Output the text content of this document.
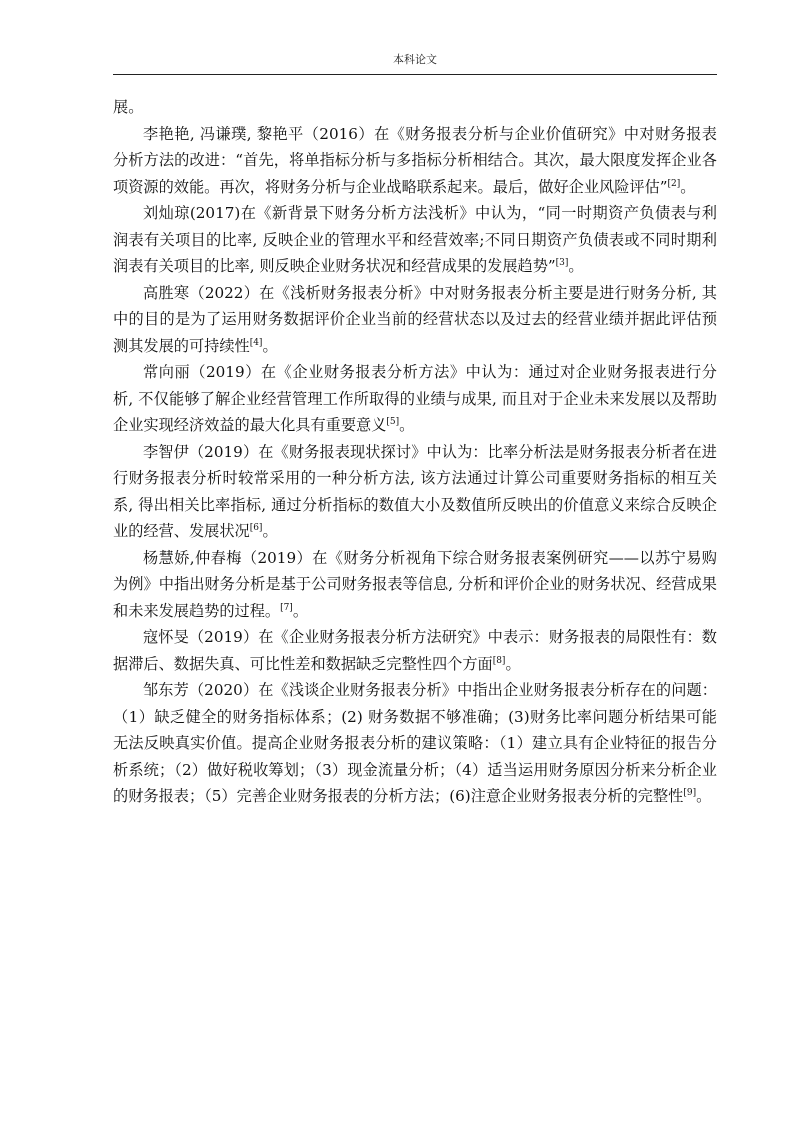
本科论文

展。

李艳艳, 冯谦璞, 黎艳平（2016）在《财务报表分析与企业价值研究》中对财务报表分析方法的改进：“首先，将单指标分析与多指标分析相结合。其次，最大限度发挥企业各项资源的效能。再次，将财务分析与企业战略联系起来。最后，做好企业风险评估”[2]。

刘灿琼(2017)在《新背景下财务分析方法浅析》中认为，“同一时期资产负债表与利润表有关项目的比率, 反映企业的管理水平和经营效率;不同日期资产负债表或不同时期利润表有关项目的比率, 则反映企业财务状况和经营成果的发展趋势”[3]。

高胜寒（2022）在《浅析财务报表分析》中对财务报表分析主要是进行财务分析, 其中的目的是为了运用财务数据评价企业当前的经营状态以及过去的经营业绩并据此评估预测其发展的可持续性[4]。

常向丽（2019）在《企业财务报表分析方法》中认为：通过对企业财务报表进行分析, 不仅能够了解企业经营管理工作所取得的业绩与成果, 而且对于企业未来发展以及帮助企业实现经济效益的最大化具有重要意义[5]。

李智伊（2019）在《财务报表现状探讨》中认为：比率分析法是财务报表分析者在进行财务报表分析时较常采用的一种分析方法, 该方法通过计算公司重要财务指标的相互关系, 得出相关比率指标, 通过分析指标的数值大小及数值所反映出的价值意义来综合反映企业的经营、发展状况[6]。

杨慧娇,仲春梅（2019）在《财务分析视角下综合财务报表案例研究——以苏宁易购为例》中指出财务分析是基于公司财务报表等信息, 分析和评价企业的财务状况、经营成果和未来发展趋势的过程。[7]。

寇怀旻（2019）在《企业财务报表分析方法研究》中表示：财务报表的局限性有：数据滞后、数据失真、可比性差和数据缺乏完整性四个方面[8]。

邹东芳（2020）在《浅谈企业财务报表分析》中指出企业财务报表分析存在的问题：（1）缺乏健全的财务指标体系；(2) 财务数据不够准确；(3)财务比率问题分析结果可能无法反映真实价值。提高企业财务报表分析的建议策略：（1）建立具有企业特征的报告分析系统；（2）做好税收筹划；（3）现金流量分析；（4）适当运用财务原因分析来分析企业的财务报表；（5）完善企业财务报表的分析方法；(6)注意企业财务报表分析的完整性[9]。
